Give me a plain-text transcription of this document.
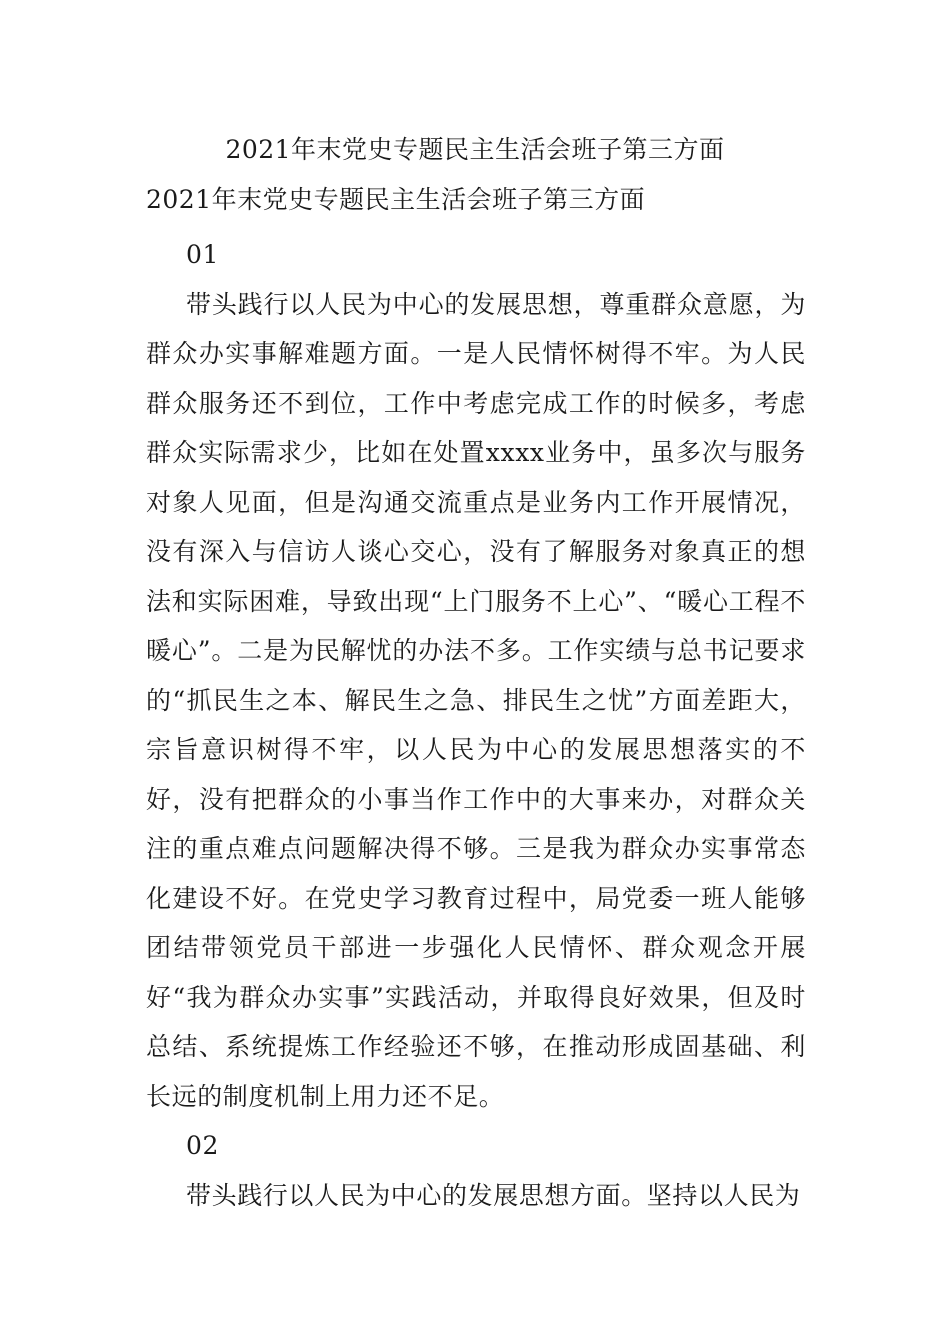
2021年末党史专题民主生活会班子第三方面
2021年末党史专题民主生活会班子第三方面

01

带头践行以人民为中心的发展思想，尊重群众意愿，为群众办实事解难题方面。一是人民情怀树得不牢。为人民群众服务还不到位，工作中考虑完成工作的时候多，考虑群众实际需求少，比如在处置xxxx业务中，虽多次与服务对象人见面，但是沟通交流重点是业务内工作开展情况，没有深入与信访人谈心交心，没有了解服务对象真正的想法和实际困难，导致出现“上门服务不上心”、“暖心工程不暖心”。二是为民解忧的办法不多。工作实绩与总书记要求的“抓民生之本、解民生之急、排民生之忧”方面差距大，宗旨意识树得不牢，以人民为中心的发展思想落实的不好，没有把群众的小事当作工作中的大事来办，对群众关注的重点难点问题解决得不够。三是我为群众办实事常态化建设不好。在党史学习教育过程中，局党委一班人能够团结带领党员干部进一步强化人民情怀、群众观念开展好“我为群众办实事”实践活动，并取得良好效果，但及时总结、系统提炼工作经验还不够，在推动形成固基础、利长远的制度机制上用力还不足。

02

带头践行以人民为中心的发展思想方面。坚持以人民为
